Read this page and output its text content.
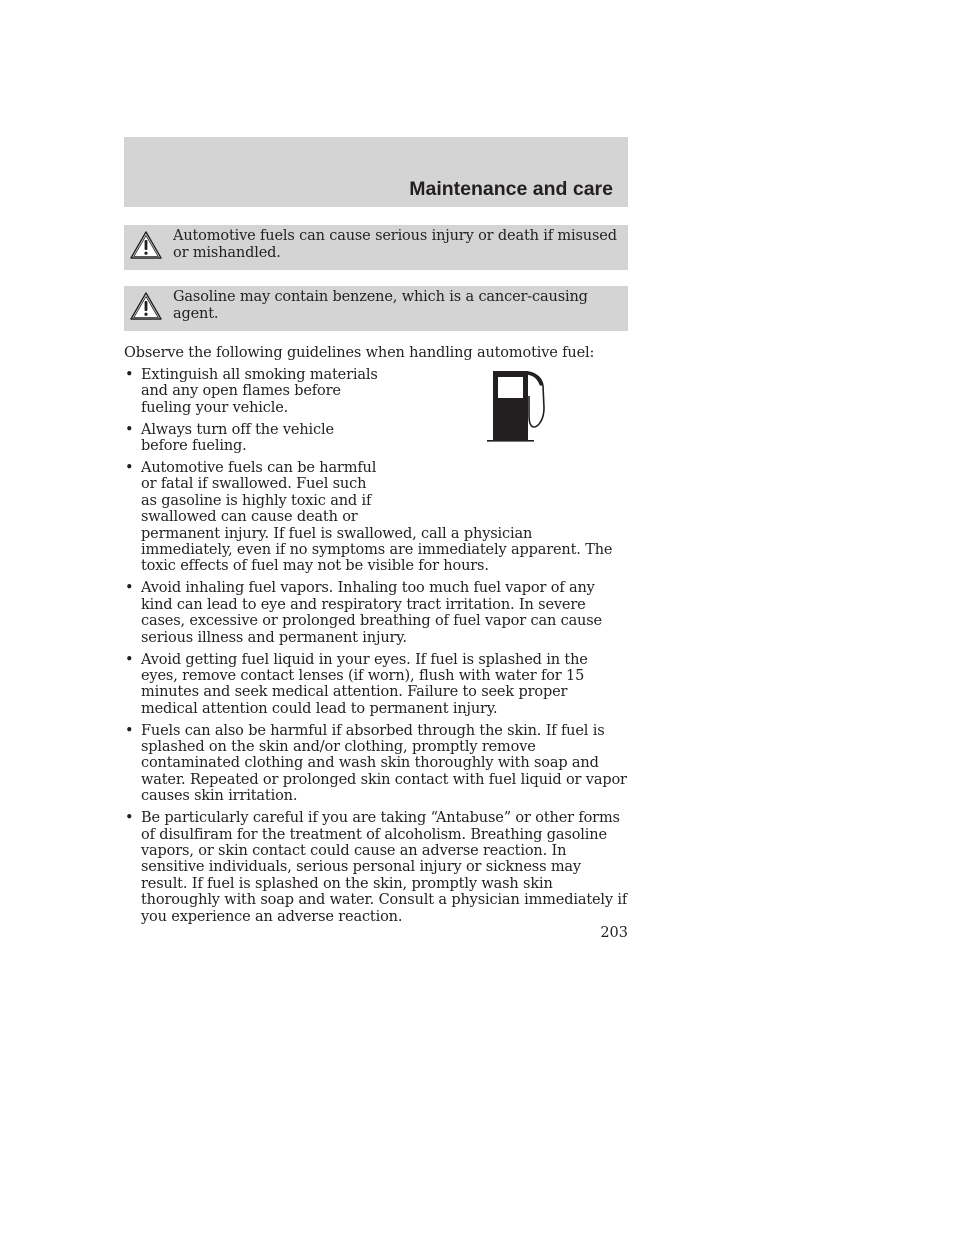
Maintenance and care
Automotive fuels can cause serious injury or death if misused or mishandled.
Gasoline may contain benzene, which is a cancer-causing agent.
Observe the following guidelines when handling automotive fuel:
• Extinguish all smoking materials and any open flames before fueling your vehicle.
• Always turn off the vehicle before fueling.
• Automotive fuels can be harmful or fatal if swallowed. Fuel such as gasoline is highly toxic and if swallowed can cause death or
permanent injury. If fuel is swallowed, call a physician immediately, even if no symptoms are immediately apparent. The toxic effects of fuel may not be visible for hours.
• Avoid inhaling fuel vapors. Inhaling too much fuel vapor of any kind can lead to eye and respiratory tract irritation. In severe cases, excessive or prolonged breathing of fuel vapor can cause serious illness and permanent injury.
• Avoid getting fuel liquid in your eyes. If fuel is splashed in the eyes, remove contact lenses (if worn), flush with water for 15 minutes and seek medical attention. Failure to seek proper medical attention could lead to permanent injury.
• Fuels can also be harmful if absorbed through the skin. If fuel is splashed on the skin and/or clothing, promptly remove contaminated clothing and wash skin thoroughly with soap and water. Repeated or prolonged skin contact with fuel liquid or vapor causes skin irritation.
• Be particularly careful if you are taking “Antabuse” or other forms of disulfiram for the treatment of alcoholism. Breathing gasoline vapors, or skin contact could cause an adverse reaction. In sensitive individuals, serious personal injury or sickness may result. If fuel is splashed on the skin, promptly wash skin thoroughly with soap and water. Consult a physician immediately if you experience an adverse reaction.
203
